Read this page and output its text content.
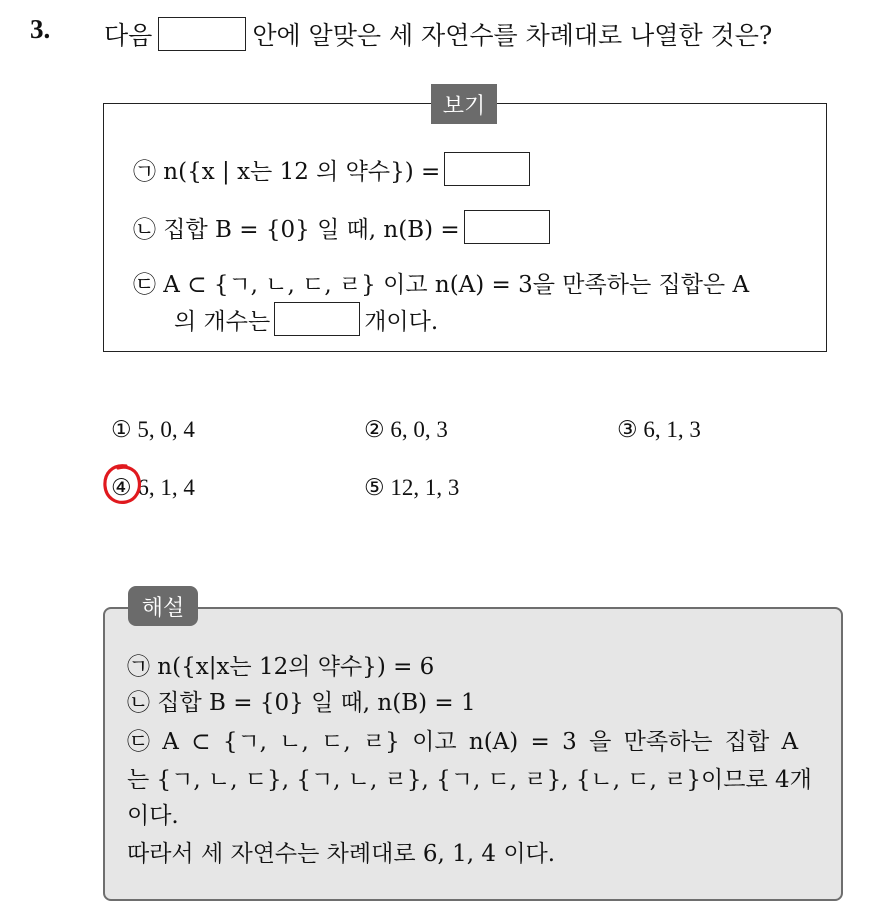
3. 다음	안에 알맞은 세 자연수를 차례대로 나열한 것은?
보기
㉠ n({x | x는 12 의 약수}) =
㉡ 집합 B = {0} 일 때, n(B) =
㉢ A ⊂ {ㄱ, ㄴ, ㄷ, ㄹ} 이고 n(A) = 3을 만족하는 집합은 A
의 개수는	개이다.
① 5, 0, 4	② 6, 0, 3	③ 6, 1, 3
④ 6, 1, 4	⑤ 12, 1, 3
해설
㉠ n({x|x는 12의 약수}) = 6
㉡ 집합 B = {0} 일 때, n(B) = 1
㉢ A ⊂ {ㄱ, ㄴ, ㄷ, ㄹ} 이고 n(A) = 3 을 만족하는 집합 A
는 {ㄱ, ㄴ, ㄷ}, {ㄱ, ㄴ, ㄹ}, {ㄱ, ㄷ, ㄹ}, {ㄴ, ㄷ, ㄹ}이므로 4개
이다.
따라서 세 자연수는 차례대로 6, 1, 4 이다.
